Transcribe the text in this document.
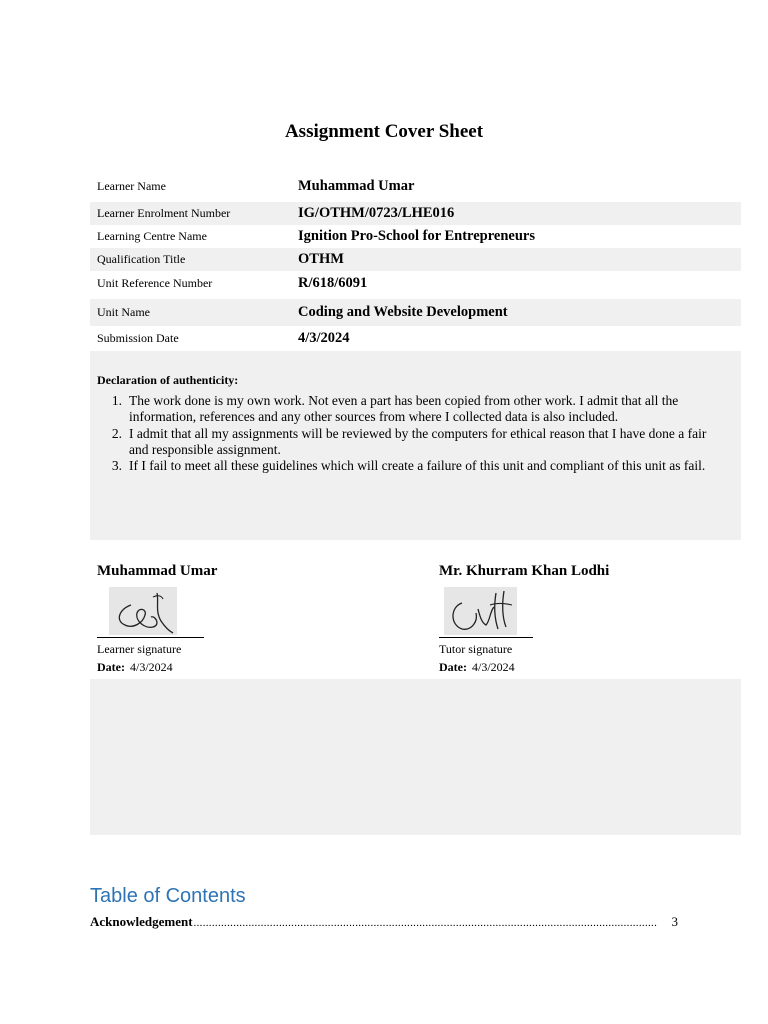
Assignment Cover Sheet
Learner Name	Muhammad Umar
Learner Enrolment Number	IG/OTHM/0723/LHE016
Learning Centre Name	Ignition Pro-School for Entrepreneurs
Qualification Title	OTHM
Unit Reference Number	R/618/6091
Unit Name	Coding and Website Development
Submission Date	4/3/2024
Declaration of authenticity:
1. The work done is my own work. Not even a part has been copied from other work. I admit that all the information, references and any other sources from where I collected data is also included.
2. I admit that all my assignments will be reviewed by the computers for ethical reason that I have done a fair and responsible assignment.
3. If I fail to meet all these guidelines which will create a failure of this unit and compliant of this unit as fail.
Muhammad Umar
Learner signature
Date: 4/3/2024
Mr. Khurram Khan Lodhi
Tutor signature
Date: 4/3/2024
Table of Contents
Acknowledgement ........................................................................................................................................................	3
